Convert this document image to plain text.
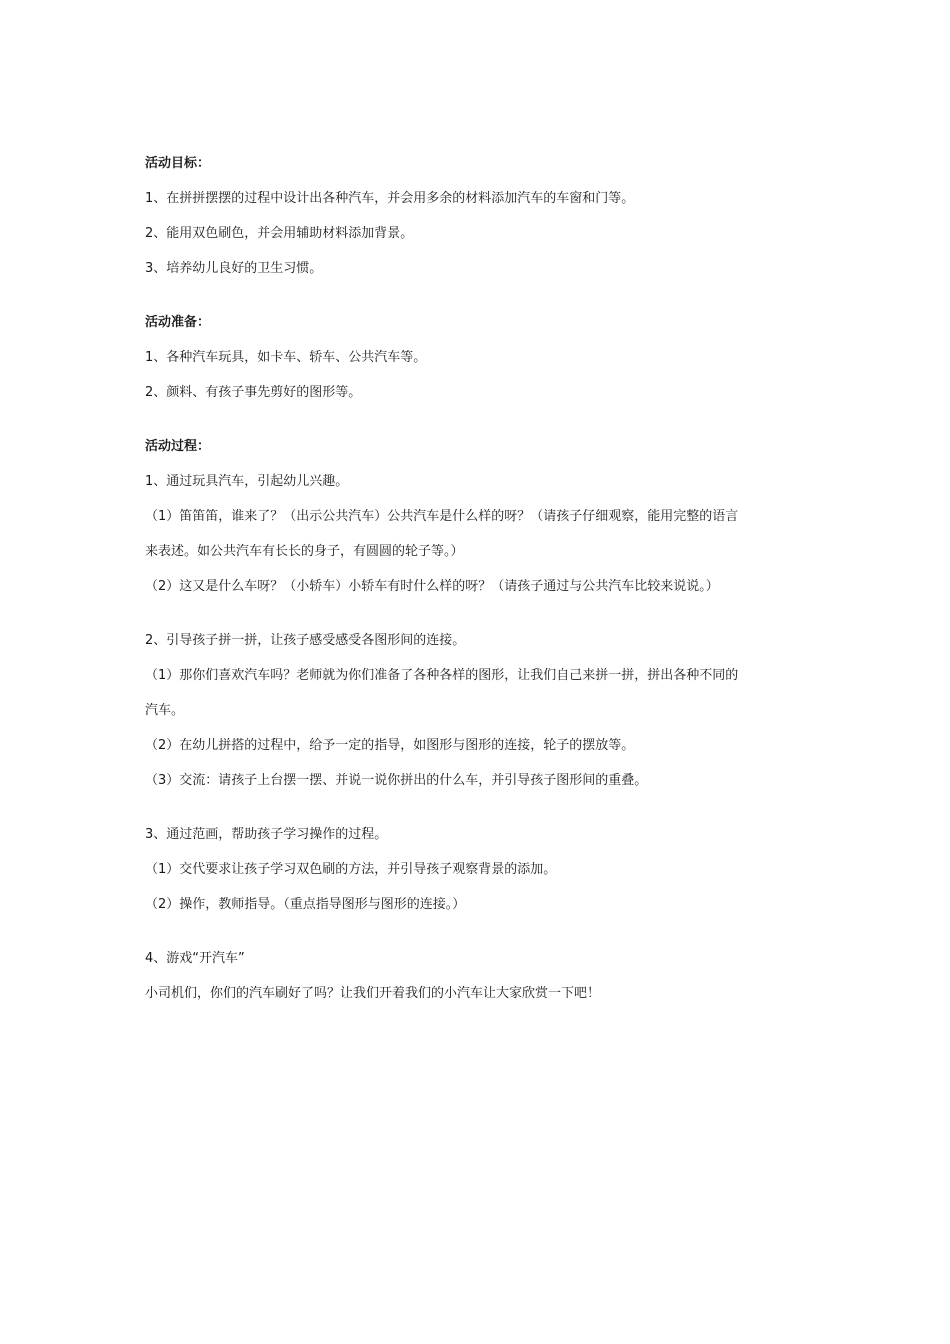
活动目标：
1、在拼拼摆摆的过程中设计出各种汽车，并会用多余的材料添加汽车的车窗和门等。
2、能用双色刷色，并会用辅助材料添加背景。
3、培养幼儿良好的卫生习惯。
活动准备：
1、各种汽车玩具，如卡车、轿车、公共汽车等。
2、颜料、有孩子事先剪好的图形等。
活动过程：
1、通过玩具汽车，引起幼儿兴趣。
（1）笛笛笛，谁来了？（出示公共汽车）公共汽车是什么样的呀？（请孩子仔细观察，能用完整的语言
来表述。如公共汽车有长长的身子，有圆圆的轮子等。）
（2）这又是什么车呀？（小轿车）小轿车有时什么样的呀？（请孩子通过与公共汽车比较来说说。）
2、引导孩子拼一拼，让孩子感受感受各图形间的连接。
（1）那你们喜欢汽车吗？老师就为你们准备了各种各样的图形，让我们自己来拼一拼，拼出各种不同的
汽车。
（2）在幼儿拼搭的过程中，给予一定的指导，如图形与图形的连接，轮子的摆放等。
（3）交流：请孩子上台摆一摆、并说一说你拼出的什么车，并引导孩子图形间的重叠。
3、通过范画，帮助孩子学习操作的过程。
（1）交代要求让孩子学习双色刷的方法，并引导孩子观察背景的添加。
（2）操作，教师指导。（重点指导图形与图形的连接。）
4、游戏“开汽车”
小司机们，你们的汽车刷好了吗？让我们开着我们的小汽车让大家欣赏一下吧！
